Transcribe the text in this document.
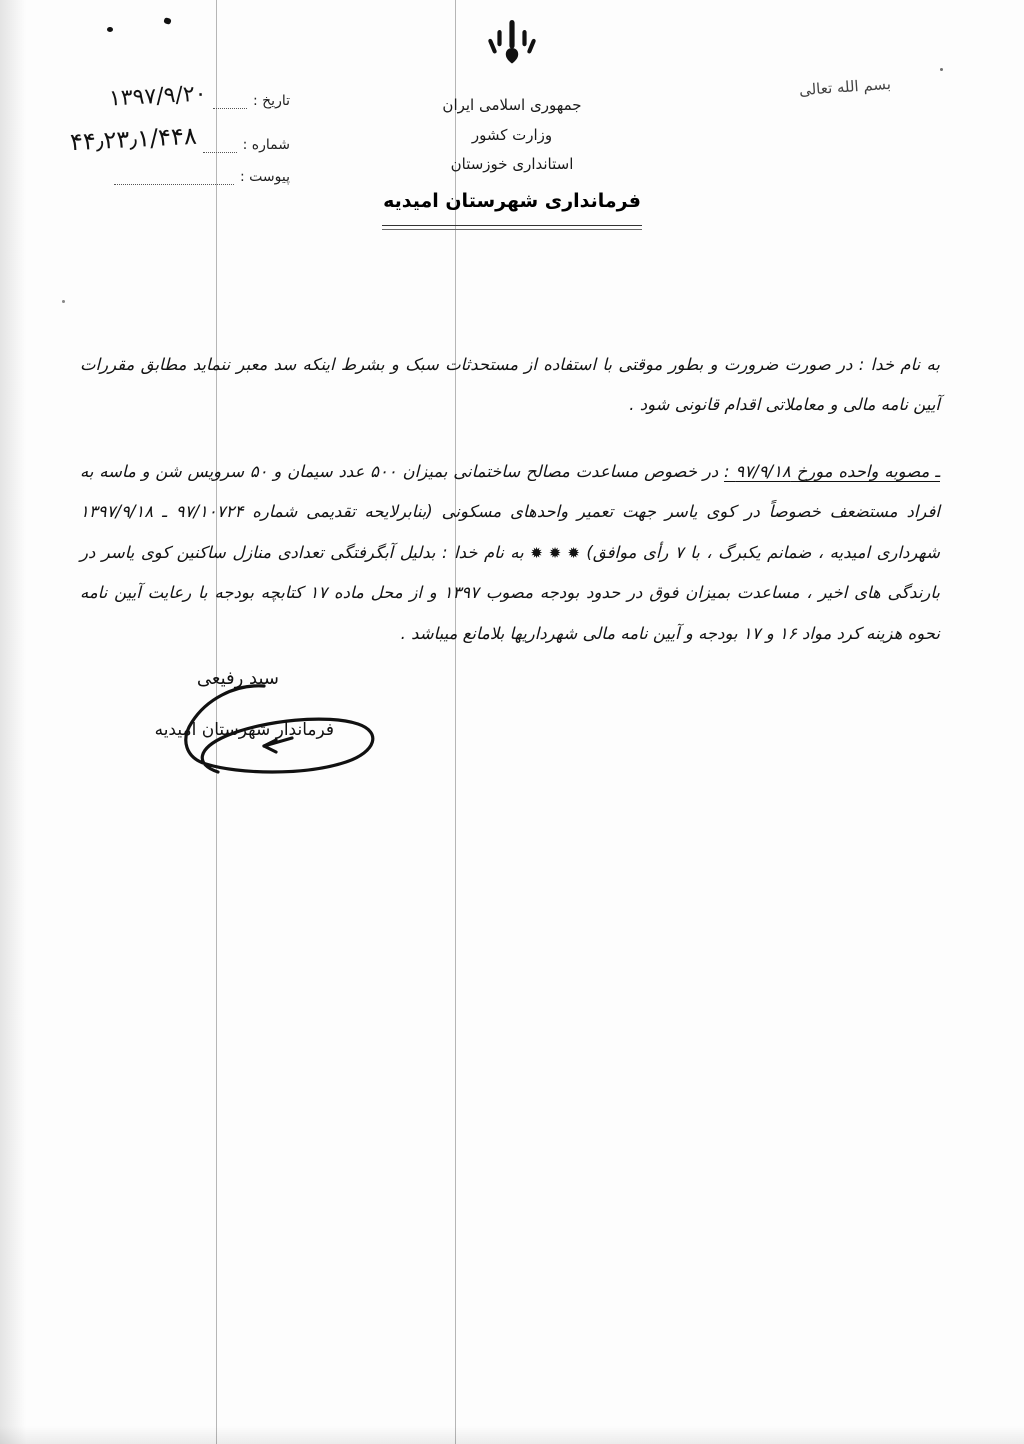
بسم الله تعالی
جمهوری اسلامی ایران
وزارت کشور
استانداری خوزستان
فرمانداری شهرستان امیدیه
تاریخ :
۱۳۹۷/۹/۲۰
شماره :
۴۴٫۲۳٫۱/۴۴۸
پیوست :

به نام خدا : در صورت ضرورت و بطور موقتی با استفاده از مستحدثات سبک و بشرط اینکه سد معبر ننماید مطابق مقررات آیین نامه مالی و معاملاتی اقدام قانونی شود .

ـ مصوبه واحده مورخ ۹۷/۹/۱۸ : در خصوص مساعدت مصالح ساختمانی بمیزان ۵۰۰ عدد سیمان و ۵۰ سرویس شن و ماسه به افراد مستضعف خصوصاً در کوی یاسر جهت تعمیر واحدهای مسکونی (بنابرلایحه تقدیمی شماره ۹۷/۱۰۷۲۴ ـ ۱۳۹۷/۹/۱۸ شهرداری امیدیه ، ضمانم یکبرگ ، با ۷ رأی موافق) ✹ ✹ ✹ به نام خدا : بدلیل آبگرفتگی تعدادی منازل ساکنین کوی یاسر در بارندگی های اخیر ، مساعدت بمیزان فوق در حدود بودجه مصوب ۱۳۹۷ و از محل ماده ۱۷ کتابچه بودجه با رعایت آیین نامه نحوه هزینه کرد مواد ۱۶ و ۱۷ بودجه و آیین نامه مالی شهرداریها بلامانع میباشد .

سید رفیعی
فرماندار شهرستان امیدیه
